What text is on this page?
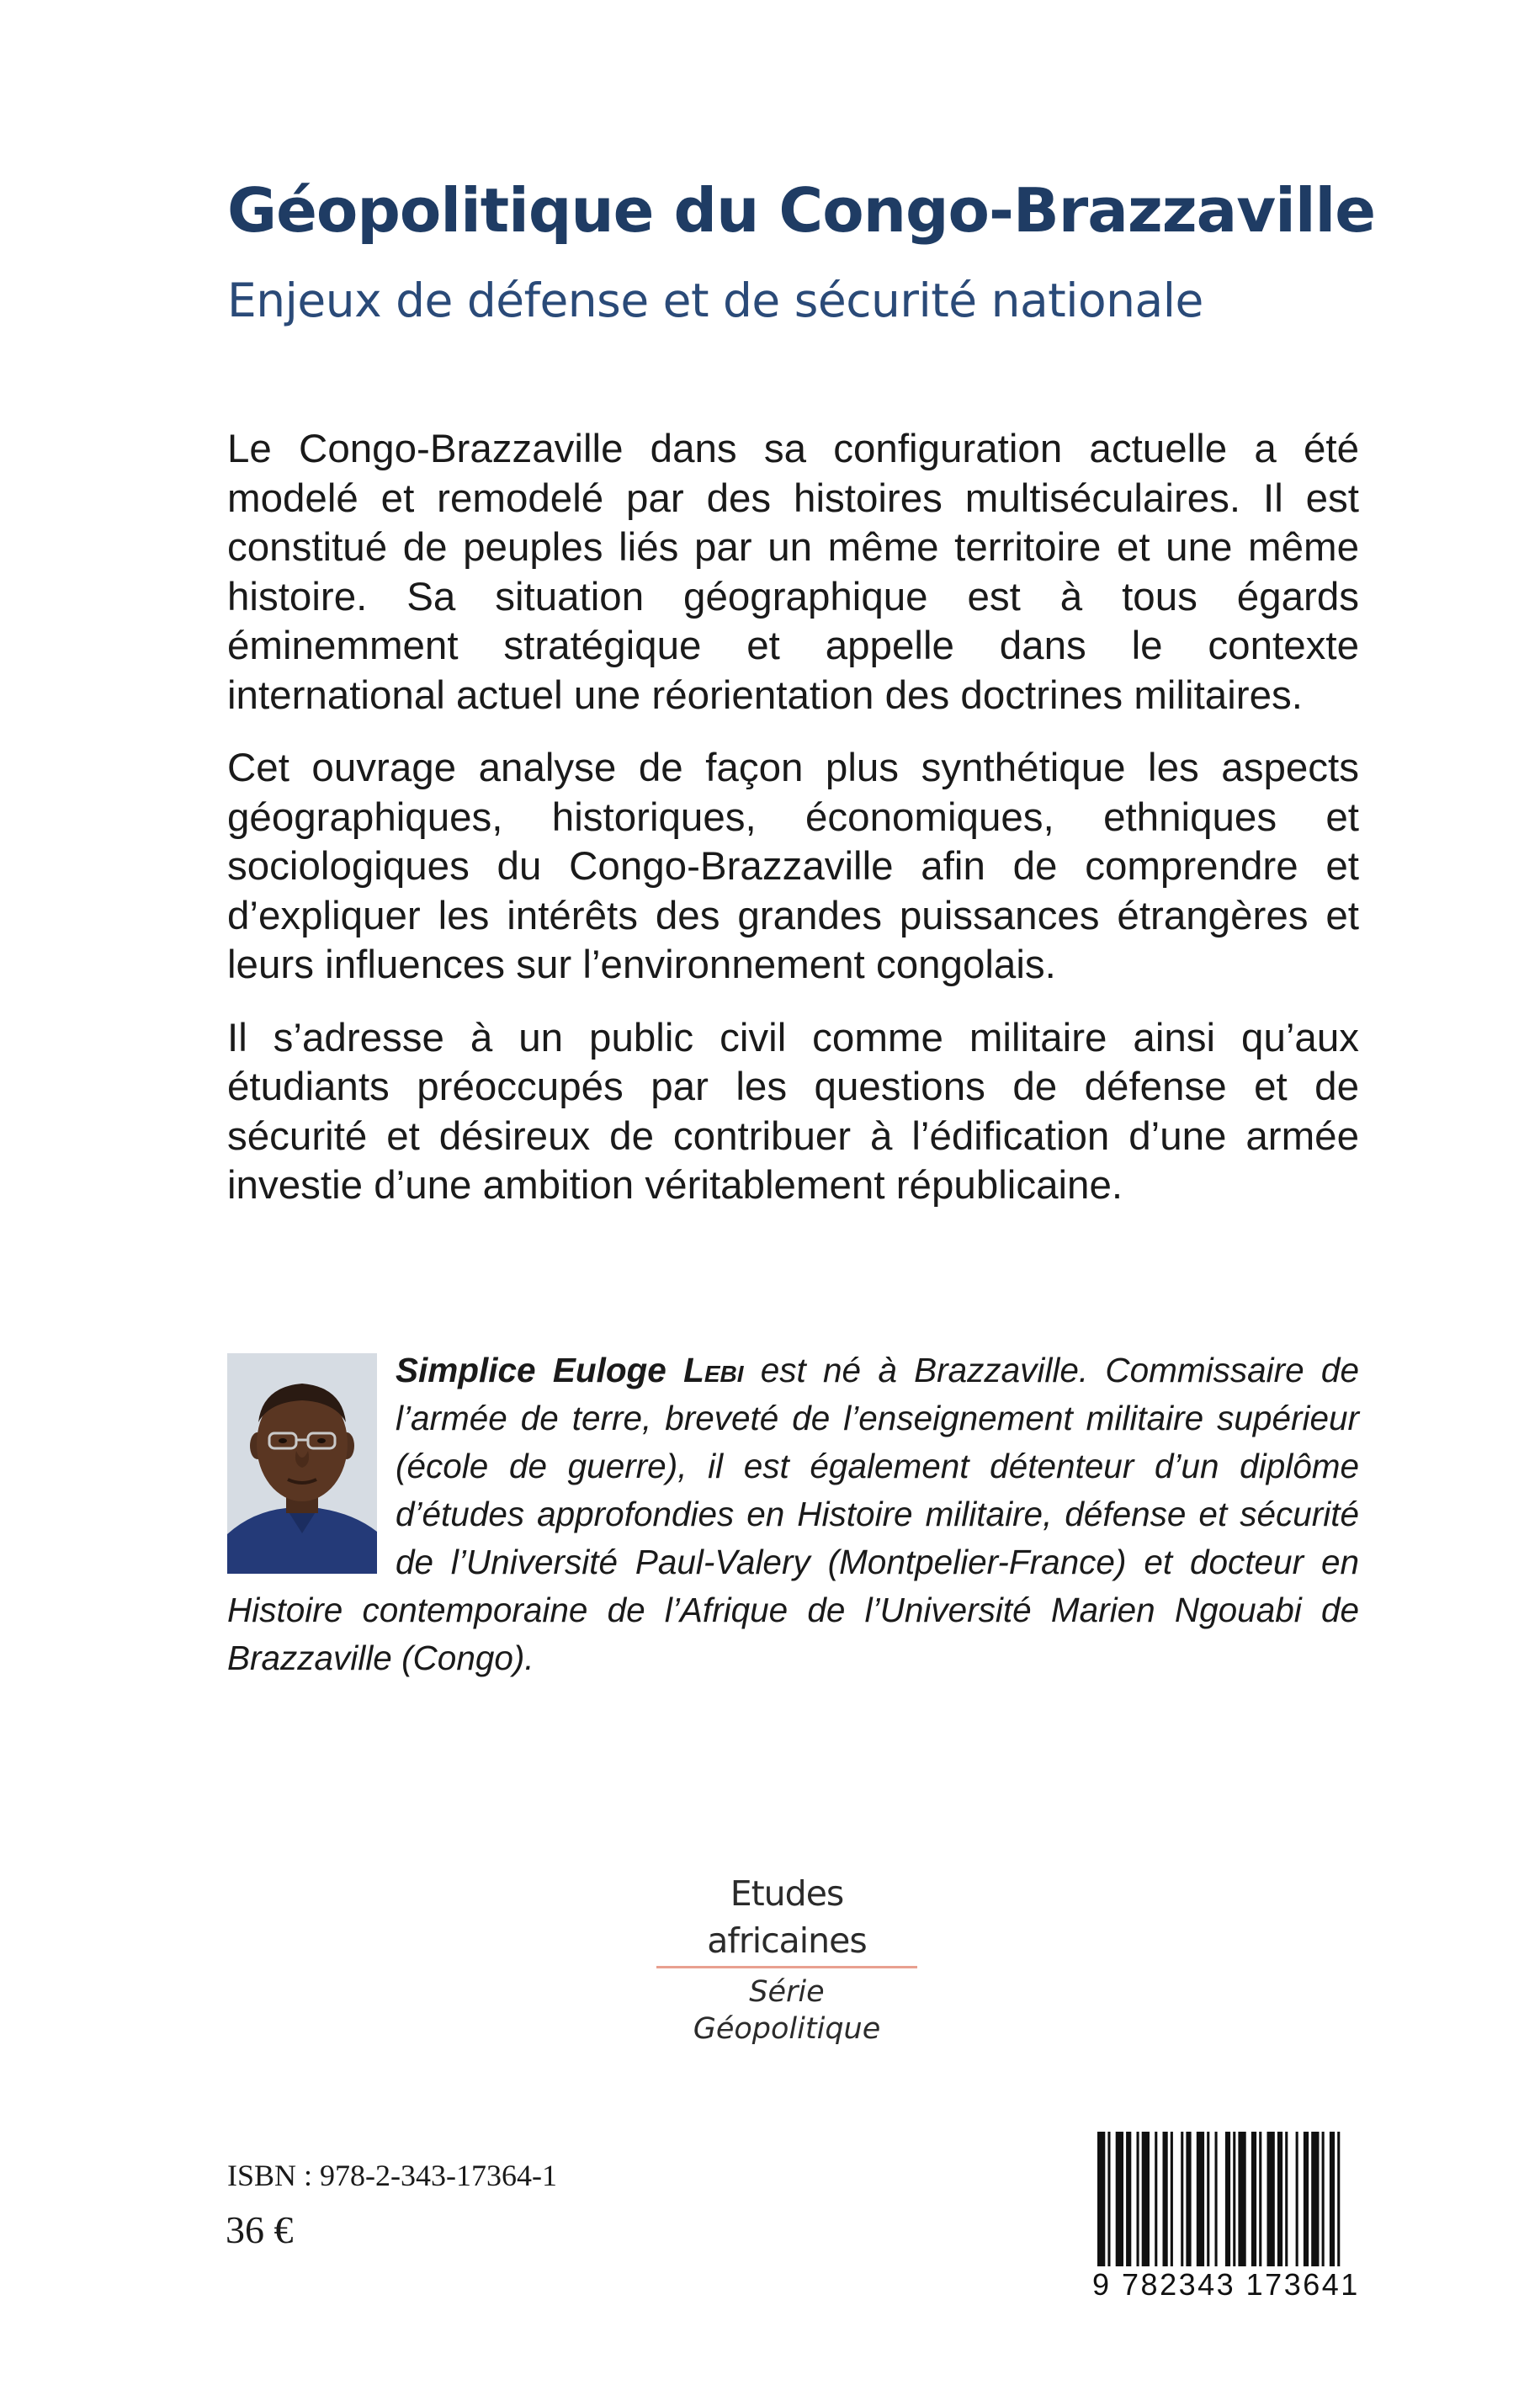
Géopolitique du Congo-Brazzaville
Enjeux de défense et de sécurité nationale

Le Congo-Brazzaville dans sa configuration actuelle a été modelé et remodelé par des histoires multiséculaires. Il est constitué de peuples liés par un même territoire et une même histoire. Sa situation géographique est à tous égards éminemment stratégique et appelle dans le contexte international actuel une réorientation des doctrines militaires.

Cet ouvrage analyse de façon plus synthétique les aspects géographiques, historiques, économiques, ethniques et sociologiques du Congo-Brazzaville afin de comprendre et d’expliquer les intérêts des grandes puissances étrangères et leurs influences sur l’environnement congolais.

Il s’adresse à un public civil comme militaire ainsi qu’aux étudiants préoccupés par les questions de défense et de sécurité et désireux de contribuer à l’édification d’une armée investie d’une ambition véritablement républicaine.

Simplice Euloge Lebi est né à Brazzaville. Commissaire de l’armée de terre, breveté de l’enseignement militaire supérieur (école de guerre), il est également détenteur d’un diplôme d’études approfondies en Histoire militaire, défense et sécurité de l’Université Paul-Valery (Montpelier-France) et docteur en Histoire contemporaine de l’Afrique de l’Université Marien Ngouabi de Brazzaville (Congo).
Etudes africaines
Série Géopolitique
ISBN : 978-2-343-17364-1
36 €
9 782343 173641
